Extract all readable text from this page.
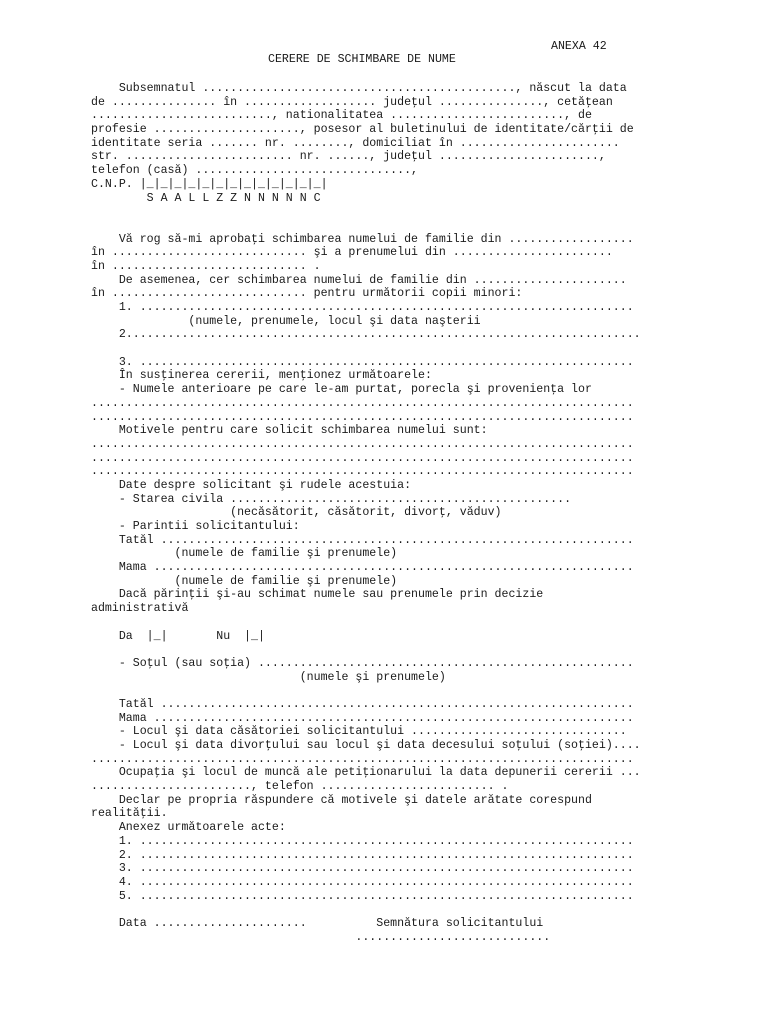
ANEXA 42
CERERE DE SCHIMBARE DE NUME
Subsemnatul ............................................., născut la data
de ............... în ................... judeţul ..............., cetăţean
.........................., nationalitatea ........................., de
profesie ....................., posesor al buletinului de identitate/cărţii de
identitate seria ....... nr. ........, domiciliat în .......................
str. ........................ nr. ......, judeţul .......................,
telefon (casă) ...............................,
C.N.P. |_|_|_|_|_|_|_|_|_|_|_|_|_|
S A A L L Z Z N N N N N C
Vă rog să-mi aprobaţi schimbarea numelui de familie din ..................
în ............................ şi a prenumelui din .......................
în ............................ .
De asemenea, cer schimbarea numelui de familie din ......................
în ............................ pentru următorii copii minori:
1. .......................................................................
(numele, prenumele, locul şi data naşterii
2..........................................................................
3. .......................................................................
În susţinerea cererii, menţionez următoarele:
- Numele anterioare pe care le-am purtat, porecla şi provenienţa lor
..............................................................................
..............................................................................
Motivele pentru care solicit schimbarea numelui sunt:
..............................................................................
..............................................................................
..............................................................................
Date despre solicitant şi rudele acestuia:
- Starea civila .................................................
(necăsătorit, căsătorit, divorţ, văduv)
- Parintii solicitantului:
Tatăl ....................................................................
(numele de familie şi prenumele)
Mama .....................................................................
(numele de familie şi prenumele)
Dacă părinţii şi-au schimat numele sau prenumele prin decizie
administrativă
Da  |_|       Nu  |_|
- Soţul (sau soţia) ......................................................
(numele şi prenumele)
Tatăl ....................................................................
Mama .....................................................................
- Locul şi data căsătoriei solicitantului ...............................
- Locul şi data divorţului sau locul şi data decesului soţului (soţiei)....
..............................................................................
Ocupaţia şi locul de muncă ale petiţionarului la data depunerii cererii ...
......................., telefon ......................... .
Declar pe propria răspundere că motivele şi datele arătate corespund
realităţii.
Anexez următoarele acte:
1. .......................................................................
2. .......................................................................
3. .......................................................................
4. .......................................................................
5. .......................................................................
Data ......................          Semnătura solicitantului
............................
